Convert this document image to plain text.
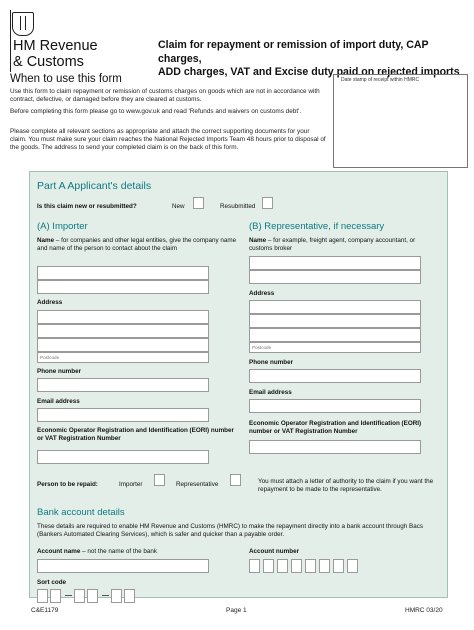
HM Revenue
& Customs
Claim for repayment or remission of import duty, CAP charges,
ADD charges, VAT and Excise duty paid on rejected imports
When to use this form
Use this form to claim repayment or remission of customs charges on goods which are not in accordance with contract, defective, or damaged before they are cleared at customs.
Before completing this form please go to www.gov.uk and read 'Refunds and waivers on customs debt'.
Please complete all relevant sections as appropriate and attach the correct supporting documents for your claim. You must make sure your claim reaches the National Rejected Imports Team 48 hours prior to disposal of the goods. The address to send your completed claim is on the back of this form.
Date stamp of receipt within HMRC
Part A Applicant's details
Is this claim new or resubmitted?	New	Resubmitted
(A) Importer
Name – for companies and other legal entities, give the company name and name of the person to contact about the claim
Address
Postcode
Phone number
Email address
Economic Operator Registration and Identification (EORI) number or VAT Registration Number
(B) Representative, if necessary
Name – for example, freight agent, company accountant, or customs broker
Address
Postcode
Phone number
Email address
Economic Operator Registration and Identification (EORI) number or VAT Registration Number
Person to be repaid:	Importer	Representative	You must attach a letter of authority to the claim if you want the repayment to be made to the representative.
Bank account details
These details are required to enable HM Revenue and Customs (HMRC) to make the repayment directly into a bank account through Bacs (Bankers Automated Clearing Services), which is safer and quicker than a payable order.
Account name – not the name of the bank	Account number
Sort code
C&E1179	Page 1	HMRC 03/20
